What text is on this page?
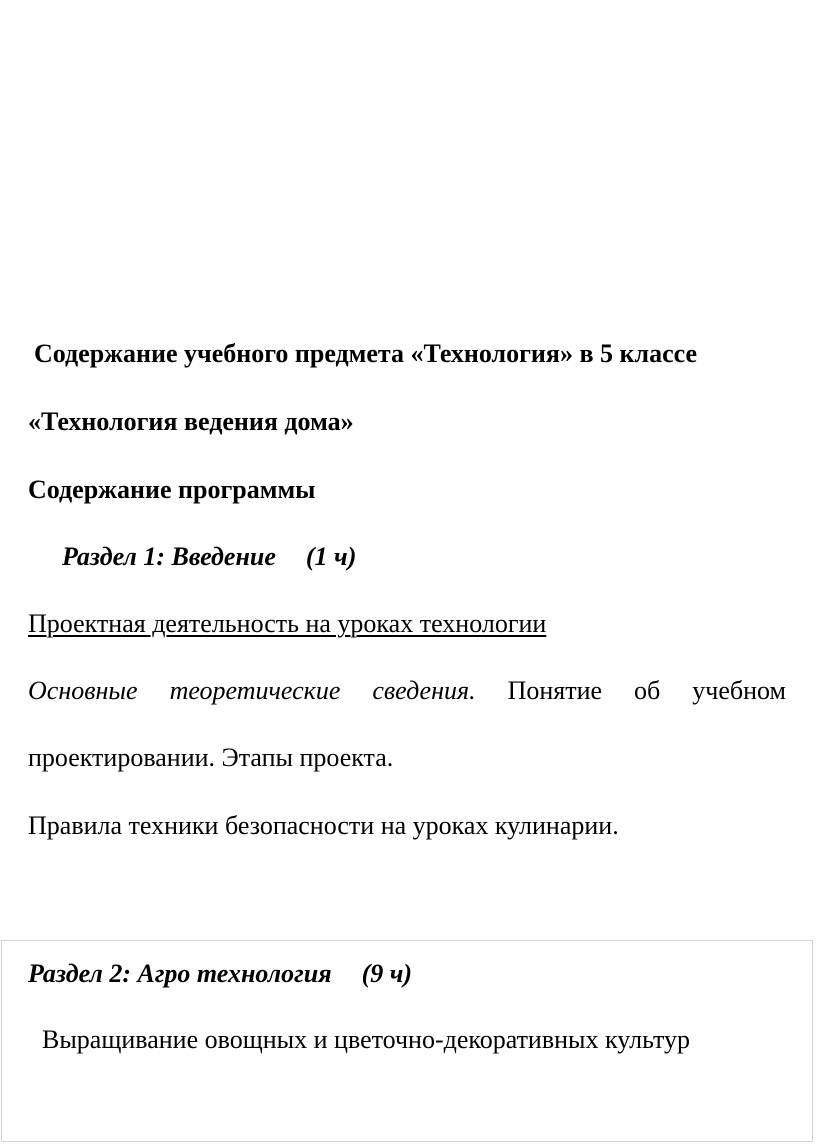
Содержание учебного предмета «Технология» в 5 классе
«Технология ведения дома»
Содержание программы
Раздел 1: Введение (1 ч)
Проектная деятельность на уроках технологии
Основные теоретические сведения. Понятие об учебном
проектировании. Этапы проекта.
Правила техники безопасности на уроках кулинарии.
Раздел 2: Агро технология (9 ч)
Выращивание овощных и цветочно-декоративных культур
